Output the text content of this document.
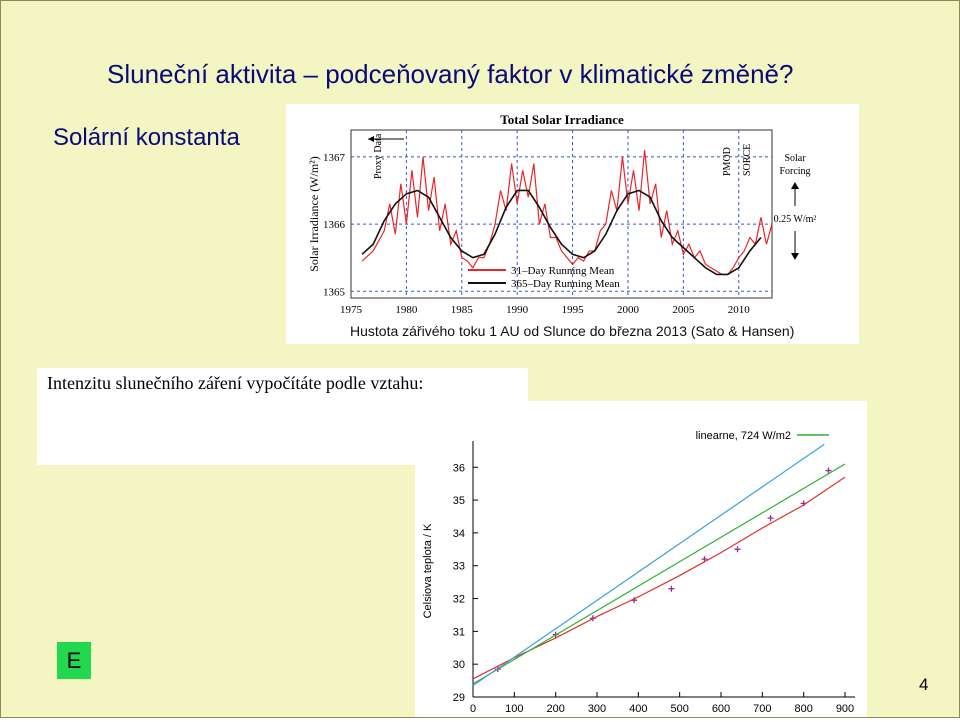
Sluneční aktivita – podceňovaný faktor v klimatické změně?
Solární konstanta
Total Solar Irradiance
1365
1366
1367
1975	1980	1985	1990	1995	2000	2005	2010
Solar Irradiance (W/m²)	Proxy Data	PMOD SORCE	Solar
Forcing
0.25 W/m²
31–Day Running Mean
365–Day Running Mean
Hustota zářivého toku 1 AU od Slunce do března 2013 (Sato & Hansen)
Intenzitu slunečního záření vypočítáte podle vztahu:
29
30
31
32
33
34
35
36
0	100 200 300 400 500 600 700 800 900
Celsiova teplota / K
linearne, 724 W/m2
E
4
